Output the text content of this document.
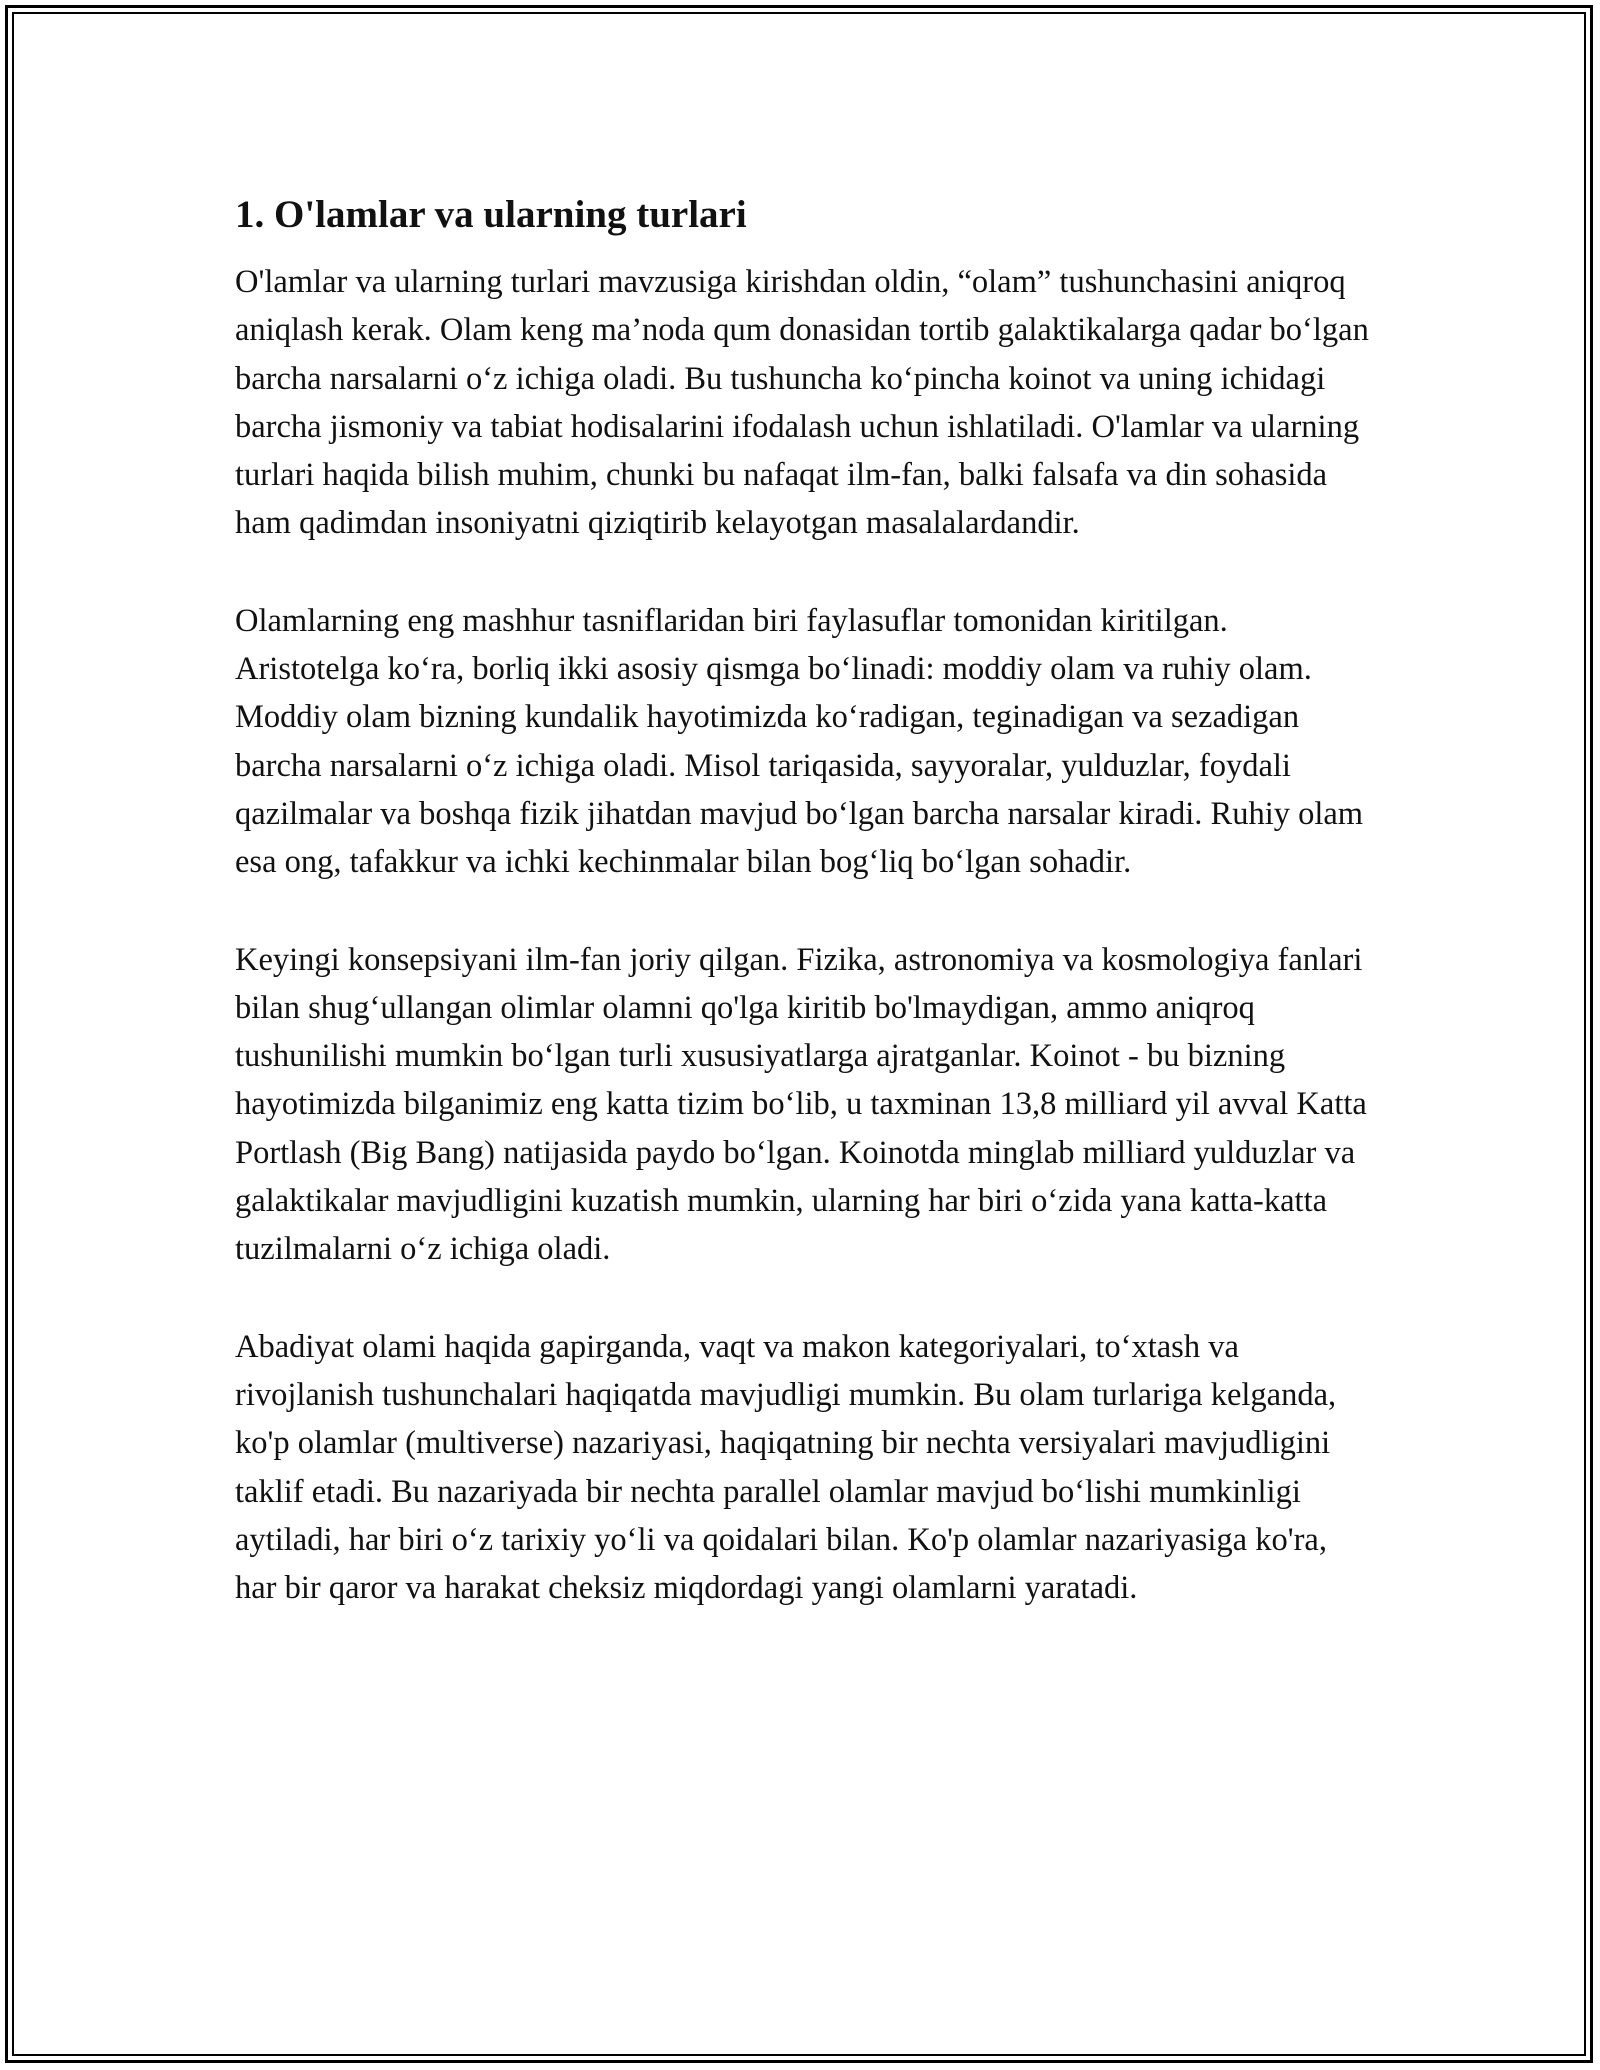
1. O'lamlar va ularning turlari

O'lamlar va ularning turlari mavzusiga kirishdan oldin, “olam” tushunchasini aniqroq aniqlash kerak. Olam keng ma’noda qum donasidan tortib galaktikalarga qadar bo‘lgan barcha narsalarni o‘z ichiga oladi. Bu tushuncha ko‘pincha koinot va uning ichidagi barcha jismoniy va tabiat hodisalarini ifodalash uchun ishlatiladi. O'lamlar va ularning turlari haqida bilish muhim, chunki bu nafaqat ilm-fan, balki falsafa va din sohasida ham qadimdan insoniyatni qiziqtirib kelayotgan masalalardandir.

Olamlarning eng mashhur tasniflaridan biri faylasuflar tomonidan kiritilgan. Aristotelga ko‘ra, borliq ikki asosiy qismga bo‘linadi: moddiy olam va ruhiy olam. Moddiy olam bizning kundalik hayotimizda ko‘radigan, teginadigan va sezadigan barcha narsalarni o‘z ichiga oladi. Misol tariqasida, sayyoralar, yulduzlar, foydali qazilmalar va boshqa fizik jihatdan mavjud bo‘lgan barcha narsalar kiradi. Ruhiy olam esa ong, tafakkur va ichki kechinmalar bilan bog‘liq bo‘lgan sohadir.

Keyingi konsepsiyani ilm-fan joriy qilgan. Fizika, astronomiya va kosmologiya fanlari bilan shug‘ullangan olimlar olamni qo'lga kiritib bo'lmaydigan, ammo aniqroq tushunilishi mumkin bo‘lgan turli xususiyatlarga ajratganlar. Koinot - bu bizning hayotimizda bilganimiz eng katta tizim bo‘lib, u taxminan 13,8 milliard yil avval Katta Portlash (Big Bang) natijasida paydo bo‘lgan. Koinotda minglab milliard yulduzlar va galaktikalar mavjudligini kuzatish mumkin, ularning har biri o‘zida yana katta-katta tuzilmalarni o‘z ichiga oladi.

Abadiyat olami haqida gapirganda, vaqt va makon kategoriyalari, to‘xtash va rivojlanish tushunchalari haqiqatda mavjudligi mumkin. Bu olam turlariga kelganda, ko'p olamlar (multiverse) nazariyasi, haqiqatning bir nechta versiyalari mavjudligini taklif etadi. Bu nazariyada bir nechta parallel olamlar mavjud bo‘lishi mumkinligi aytiladi, har biri o‘z tarixiy yo‘li va qoidalari bilan. Ko'p olamlar nazariyasiga ko'ra, har bir qaror va harakat cheksiz miqdordagi yangi olamlarni yaratadi.
